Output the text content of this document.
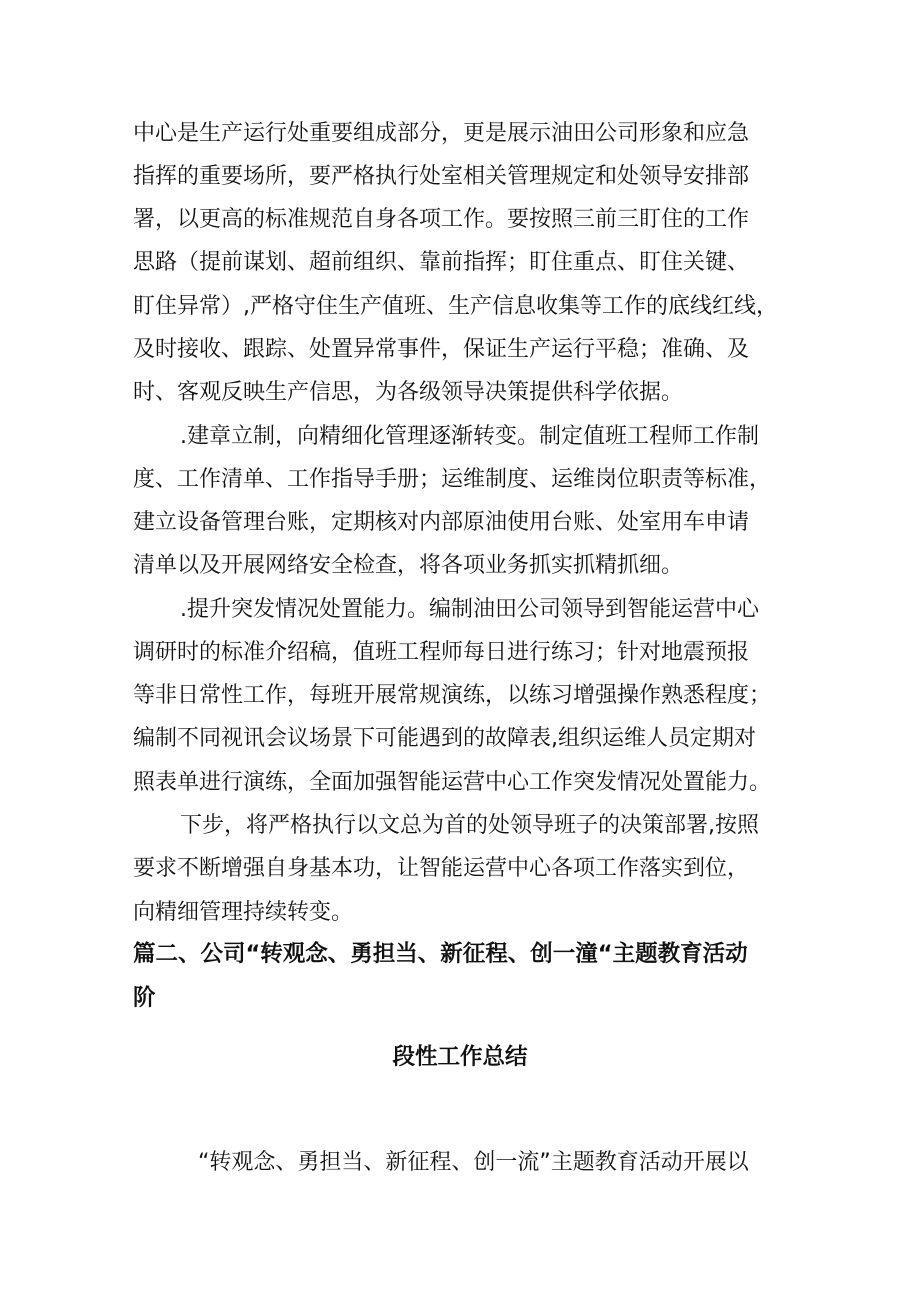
中心是生产运行处重要组成部分，更是展示油田公司形象和应急
指挥的重要场所，要严格执行处室相关管理规定和处领导安排部
署，以更高的标准规范自身各项工作。要按照三前三盯住的工作
思路（提前谋划、超前组织、靠前指挥；盯住重点、盯住关键、
盯住异常）,严格守住生产值班、生产信息收集等工作的底线红线，
及时接收、跟踪、处置异常事件，保证生产运行平稳；准确、及
时、客观反映生产信思，为各级领导决策提供科学依据。
.建章立制，向精细化管理逐渐转变。制定值班工程师工作制
度、工作清单、工作指导手册；运维制度、运维岗位职责等标准，
建立设备管理台账，定期核对内部原油使用台账、处室用车申请
清单以及开展网络安全检查，将各项业务抓实抓精抓细。
.提升突发情况处置能力。编制油田公司领导到智能运营中心
调研时的标准介绍稿，值班工程师每日进行练习；针对地震预报
等非日常性工作，每班开展常规演练，以练习增强操作熟悉程度；
编制不同视讯会议场景下可能遇到的故障表,组织运维人员定期对
照表单进行演练，全面加强智能运营中心工作突发情况处置能力。
下步，将严格执行以文总为首的处领导班子的决策部署,按照
要求不断增强自身基本功，让智能运营中心各项工作落实到位，
向精细管理持续转变。
篇二、公司“转观念、勇担当、新征程、创一潼“主题教育活动
阶
段性工作总结
“转观念、勇担当、新征程、创一流”主题教育活动开展以
